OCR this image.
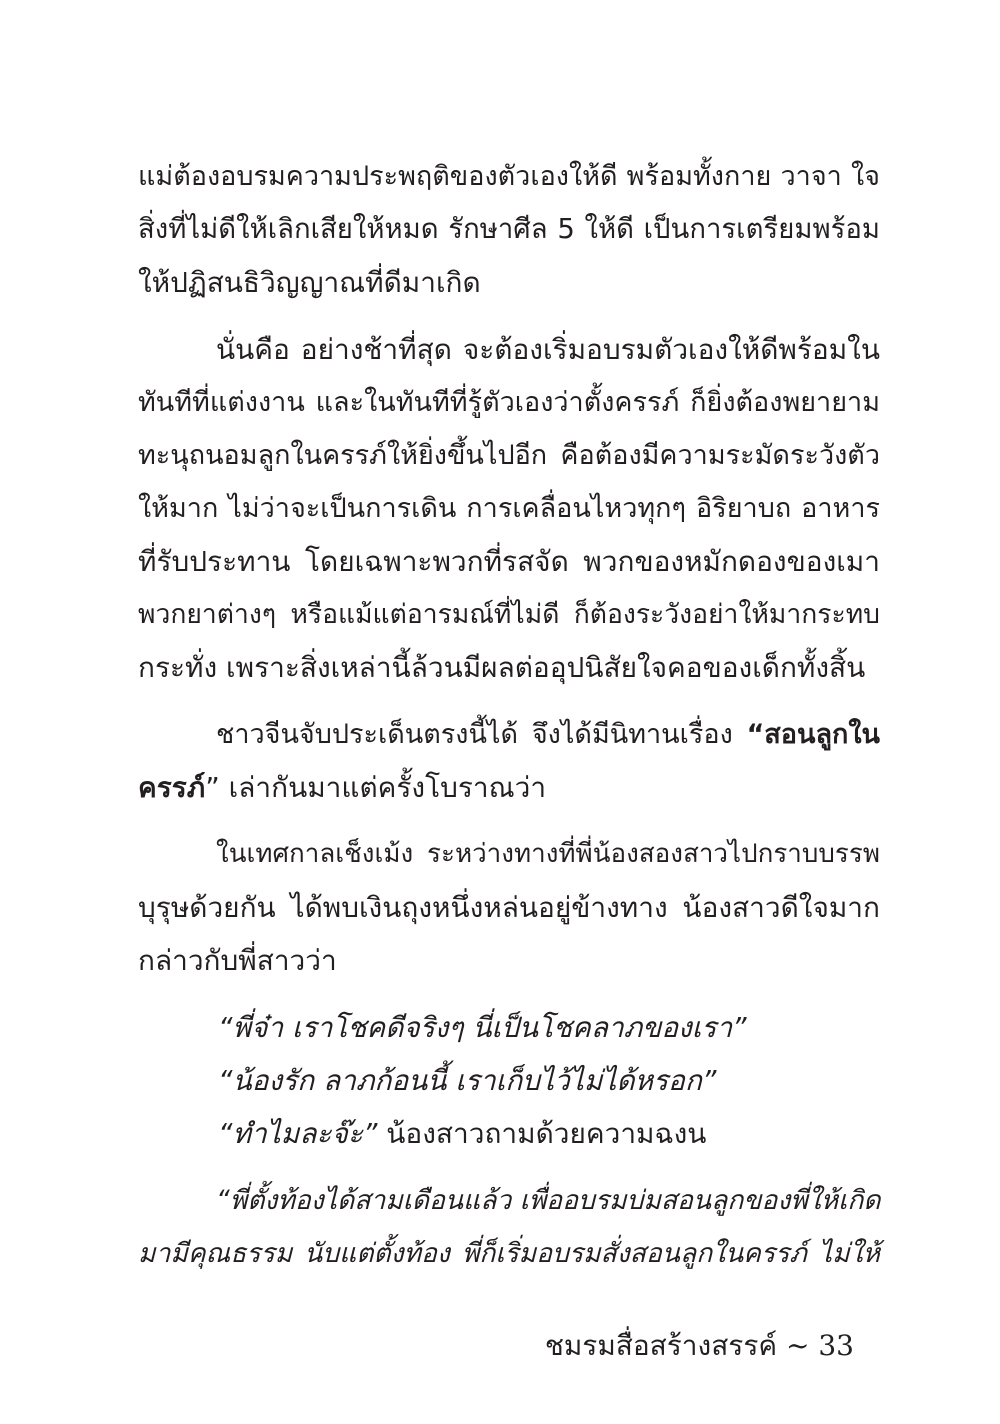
แม่ต้องอบรมความประพฤติของตัวเองให้ดี พร้อมทั้งกาย วาจา ใจ
สิ่งที่ไม่ดีให้เลิกเสียให้หมด รักษาศีล 5 ให้ดี เป็นการเตรียมพร้อม
ให้ปฏิสนธิวิญญาณที่ดีมาเกิด
นั่นคือ อย่างช้าที่สุด จะต้องเริ่มอบรมตัวเองให้ดีพร้อมใน
ทันทีที่แต่งงาน และในทันทีที่รู้ตัวเองว่าตั้งครรภ์ ก็ยิ่งต้องพยายาม
ทะนุถนอมลูกในครรภ์ให้ยิ่งขึ้นไปอีก คือต้องมีความระมัดระวังตัว
ให้มาก ไม่ว่าจะเป็นการเดิน การเคลื่อนไหวทุกๆ อิริยาบถ อาหาร
ที่รับประทาน โดยเฉพาะพวกที่รสจัด พวกของหมักดองของเมา
พวกยาต่างๆ หรือแม้แต่อารมณ์ที่ไม่ดี ก็ต้องระวังอย่าให้มากระทบ
กระทั่ง เพราะสิ่งเหล่านี้ล้วนมีผลต่ออุปนิสัยใจคอของเด็กทั้งสิ้น
ชาวจีนจับประเด็นตรงนี้ได้ จึงได้มีนิทานเรื่อง “สอนลูกใน
ครรภ์” เล่ากันมาแต่ครั้งโบราณว่า
ในเทศกาลเช็งเม้ง ระหว่างทางที่พี่น้องสองสาวไปกราบบรรพ
บุรุษด้วยกัน ได้พบเงินถุงหนึ่งหล่นอยู่ข้างทาง น้องสาวดีใจมาก
กล่าวกับพี่สาวว่า
“พี่จ๋า เราโชคดีจริงๆ นี่เป็นโชคลาภของเรา”
“น้องรัก ลาภก้อนนี้ เราเก็บไว้ไม่ได้หรอก”
“ทำไมละจ๊ะ” น้องสาวถามด้วยความฉงน
“พี่ตั้งท้องได้สามเดือนแล้ว เพื่ออบรมบ่มสอนลูกของพี่ให้เกิด
มามีคุณธรรม นับแต่ตั้งท้อง พี่ก็เริ่มอบรมสั่งสอนลูกในครรภ์ ไม่ให้
ชมรมสื่อสร้างสรรค์ ~ 33
